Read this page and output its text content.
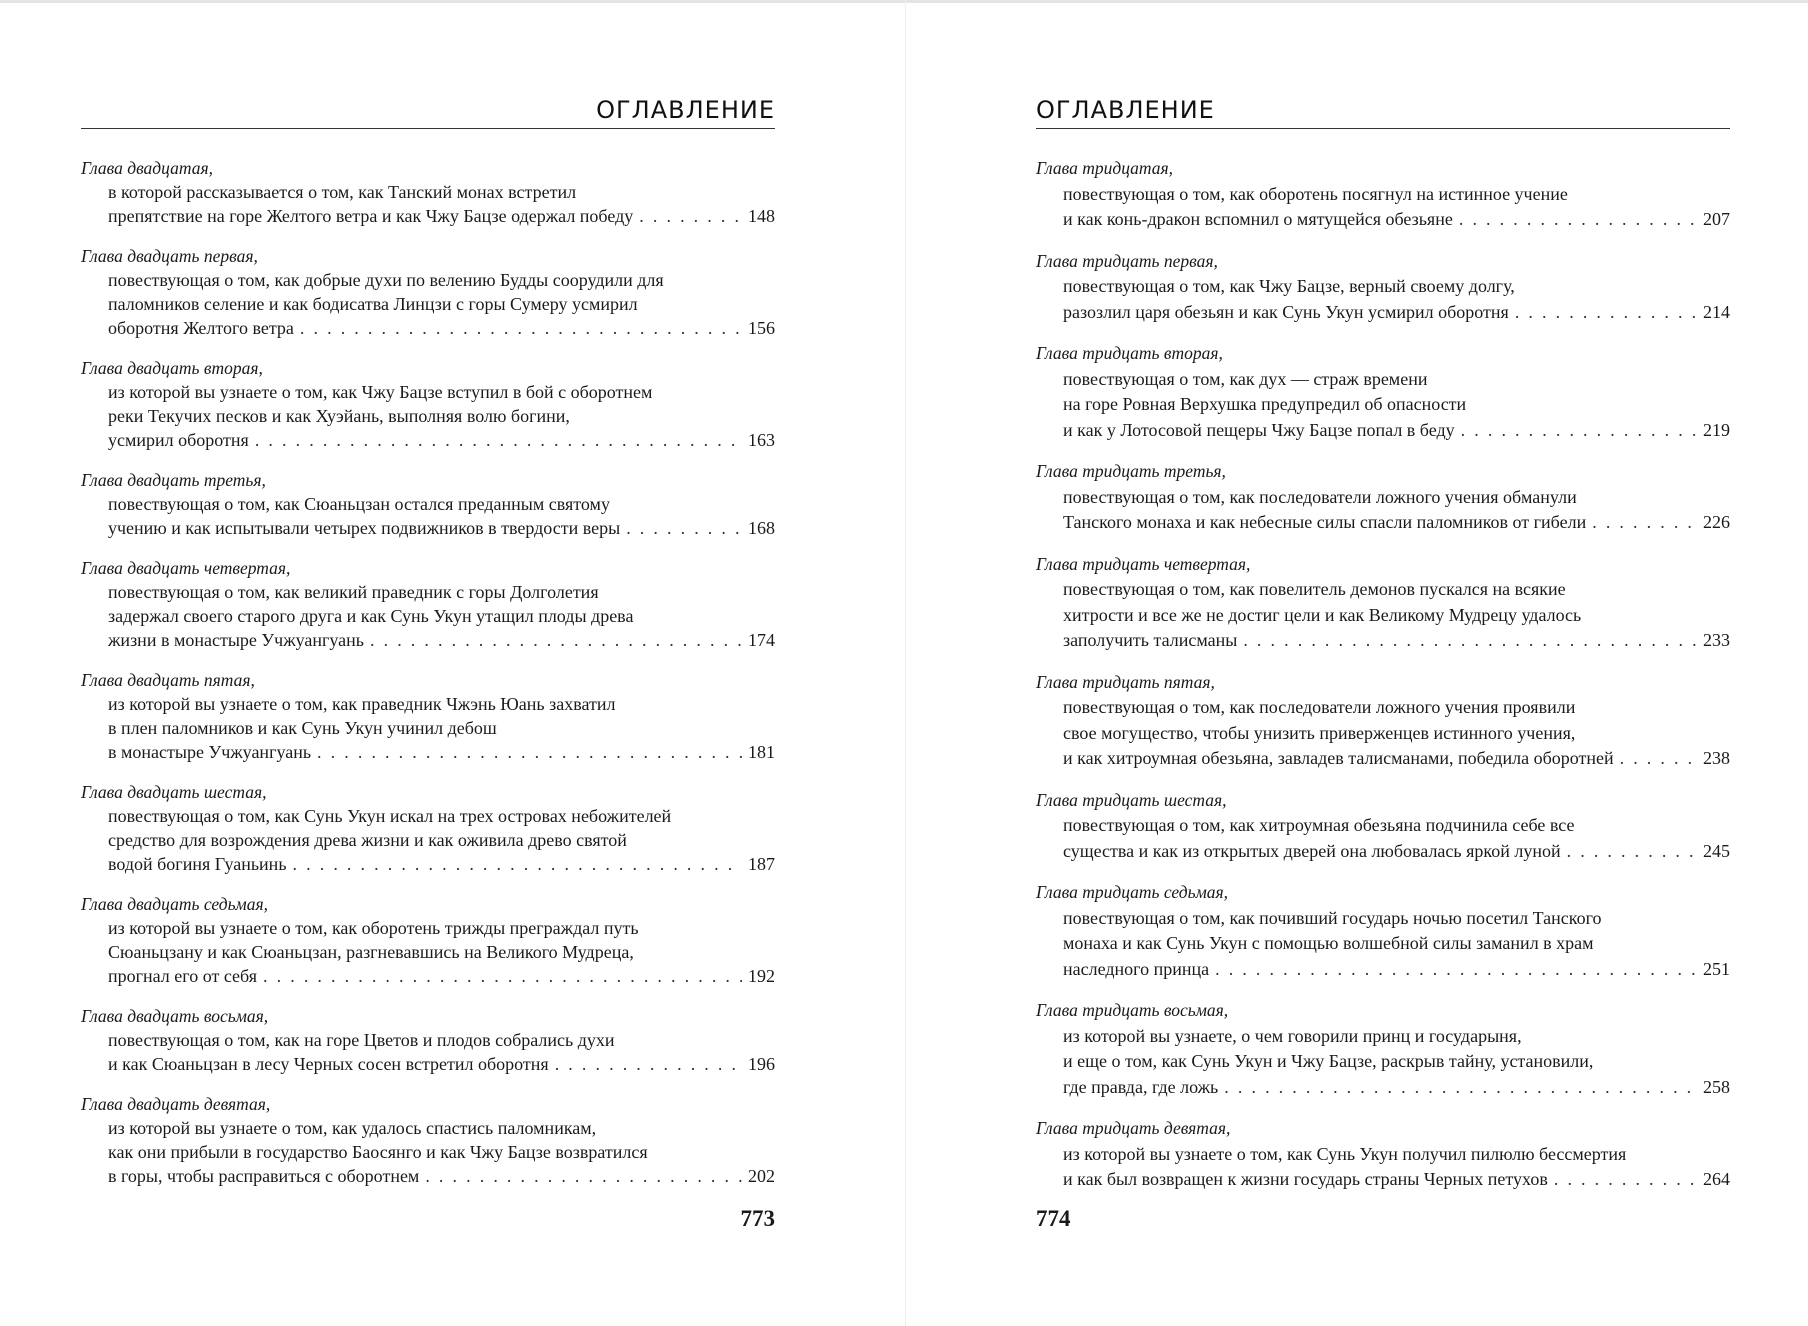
ОГЛАВЛЕНИЕ
Глава двадцатая,
в которой рассказывается о том, как Танский монах встретил
препятствие на горе Желтого ветра и как Чжу Бацзе одержал победу . . .	148
Глава двадцать первая,
повествующая о том, как добрые духи по велению Будды соорудили для
паломников селение и как бодисатва Линцзи с горы Сумеру усмирил
оборотня Желтого ветра . . .	156
Глава двадцать вторая,
из которой вы узнаете о том, как Чжу Бацзе вступил в бой с оборотнем
реки Текучих песков и как Хуэйань, выполняя волю богини,
усмирил оборотня . . .	163
Глава двадцать третья,
повествующая о том, как Сюаньцзан остался преданным святому
учению и как испытывали четырех подвижников в твердости веры . . .	168
Глава двадцать четвертая,
повествующая о том, как великий праведник с горы Долголетия
задержал своего старого друга и как Сунь Укун утащил плоды древа
жизни в монастыре Учжуангуань . . .	174
Глава двадцать пятая,
из которой вы узнаете о том, как праведник Чжэнь Юань захватил
в плен паломников и как Сунь Укун учинил дебош
в монастыре Учжуангуань . . .	181
Глава двадцать шестая,
повествующая о том, как Сунь Укун искал на трех островах небожителей
средство для возрождения древа жизни и как оживила древо святой
водой богиня Гуаньинь . . .	187
Глава двадцать седьмая,
из которой вы узнаете о том, как оборотень трижды преграждал путь
Сюаньцзану и как Сюаньцзан, разгневавшись на Великого Мудреца,
прогнал его от себя . . .	192
Глава двадцать восьмая,
повествующая о том, как на горе Цветов и плодов собрались духи
и как Сюаньцзан в лесу Черных сосен встретил оборотня . . .	196
Глава двадцать девятая,
из которой вы узнаете о том, как удалось спастись паломникам,
как они прибыли в государство Баосянго и как Чжу Бацзе возвратился
в горы, чтобы расправиться с оборотнем . . .	202
773
ОГЛАВЛЕНИЕ
Глава тридцатая,
повествующая о том, как оборотень посягнул на истинное учение
и как конь-дракон вспомнил о мятущейся обезьяне . . .	207
Глава тридцать первая,
повествующая о том, как Чжу Бацзе, верный своему долгу,
разозлил царя обезьян и как Сунь Укун усмирил оборотня . . .	214
Глава тридцать вторая,
повествующая о том, как дух — страж времени
на горе Ровная Верхушка предупредил об опасности
и как у Лотосовой пещеры Чжу Бацзе попал в беду . . .	219
Глава тридцать третья,
повествующая о том, как последователи ложного учения обманули
Танского монаха и как небесные силы спасли паломников от гибели . . .	226
Глава тридцать четвертая,
повествующая о том, как повелитель демонов пускался на всякие
хитрости и все же не достиг цели и как Великому Мудрецу удалось
заполучить талисманы . . .	233
Глава тридцать пятая,
повествующая о том, как последователи ложного учения проявили
свое могущество, чтобы унизить приверженцев истинного учения,
и как хитроумная обезьяна, завладев талисманами, победила оборотней . . .	238
Глава тридцать шестая,
повествующая о том, как хитроумная обезьяна подчинила себе все
существа и как из открытых дверей она любовалась яркой луной . . .	245
Глава тридцать седьмая,
повествующая о том, как почивший государь ночью посетил Танского
монаха и как Сунь Укун с помощью волшебной силы заманил в храм
наследного принца . . .	251
Глава тридцать восьмая,
из которой вы узнаете, о чем говорили принц и государыня,
и еще о том, как Сунь Укун и Чжу Бацзе, раскрыв тайну, установили,
где правда, где ложь . . .	258
Глава тридцать девятая,
из которой вы узнаете о том, как Сунь Укун получил пилюлю бессмертия
и как был возвращен к жизни государь страны Черных петухов . . .	264
774
